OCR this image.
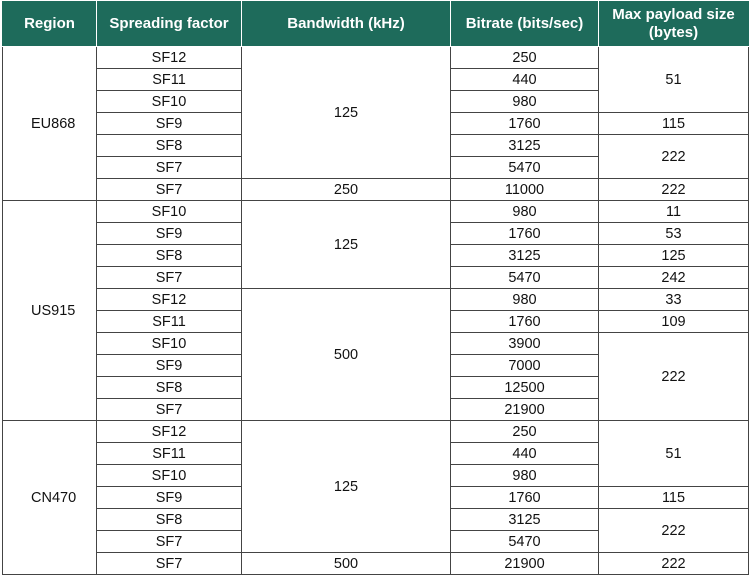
Region	Spreading factor	Bandwidth (kHz)	Bitrate (bits/sec)	Max payload size (bytes)
EU868	SF12	125	250	51
	SF11		440	
	SF10		980	
	SF9		1760	115
	SF8		3125	222
	SF7		5470	
	SF7	250	11000	222
US915	SF10	125	980	11
	SF9		1760	53
	SF8		3125	125
	SF7		5470	242
	SF12	500	980	33
	SF11		1760	109
	SF10		3900	222
	SF9		7000	
	SF8		12500	
	SF7		21900	
CN470	SF12	125	250	51
	SF11		440	
	SF10		980	
	SF9		1760	115
	SF8		3125	222
	SF7		5470	
	SF7	500	21900	222
